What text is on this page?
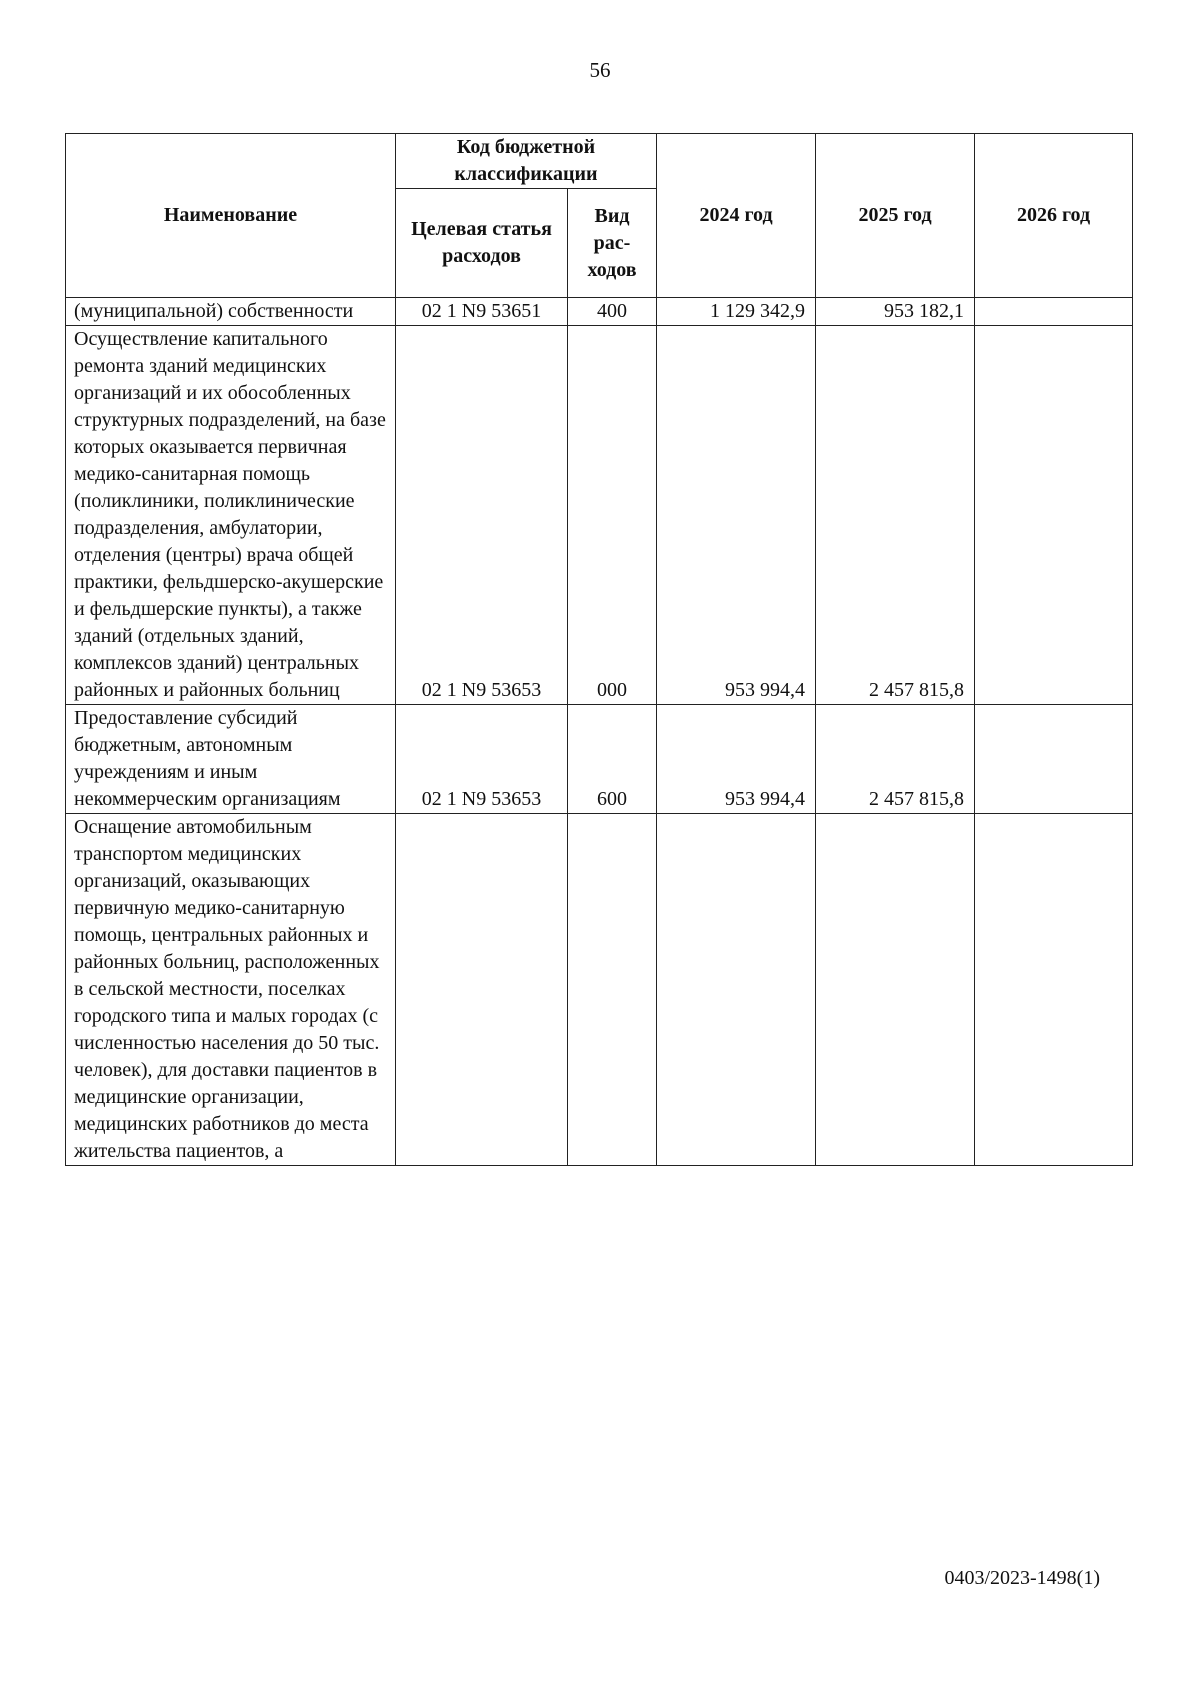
56
Наименование	Код бюджетной классификации		2024 год	2025 год	2026 год
	Целевая статья расходов	Вид
рас-
ходов			
(муниципальной) собственности	02 1 N9 53651	400	1 129 342,9	953 182,1	
Осуществление капитального ремонта зданий медицинских организаций и их обособленных структурных подразделений, на базе которых оказывается первичная медико-санитарная помощь (поликлиники, поликлинические подразделения, амбулатории, отделения (центры) врача общей практики, фельдшерско-акушерские и фельдшерские пункты), а также зданий (отдельных зданий, комплексов зданий) центральных районных и районных больниц	02 1 N9 53653	000	953 994,4	2 457 815,8	
Предоставление субсидий бюджетным, автономным учреждениям и иным некоммерческим организациям	02 1 N9 53653	600	953 994,4	2 457 815,8	
Оснащение автомобильным транспортом медицинских организаций, оказывающих первичную медико-санитарную помощь, центральных районных и районных больниц, расположенных в сельской местности, поселках городского типа и малых городах (с численностью населения до 50 тыс. человек), для доставки пациентов в медицинские организации, медицинских работников до места жительства пациентов, а					
0403/2023-1498(1)
